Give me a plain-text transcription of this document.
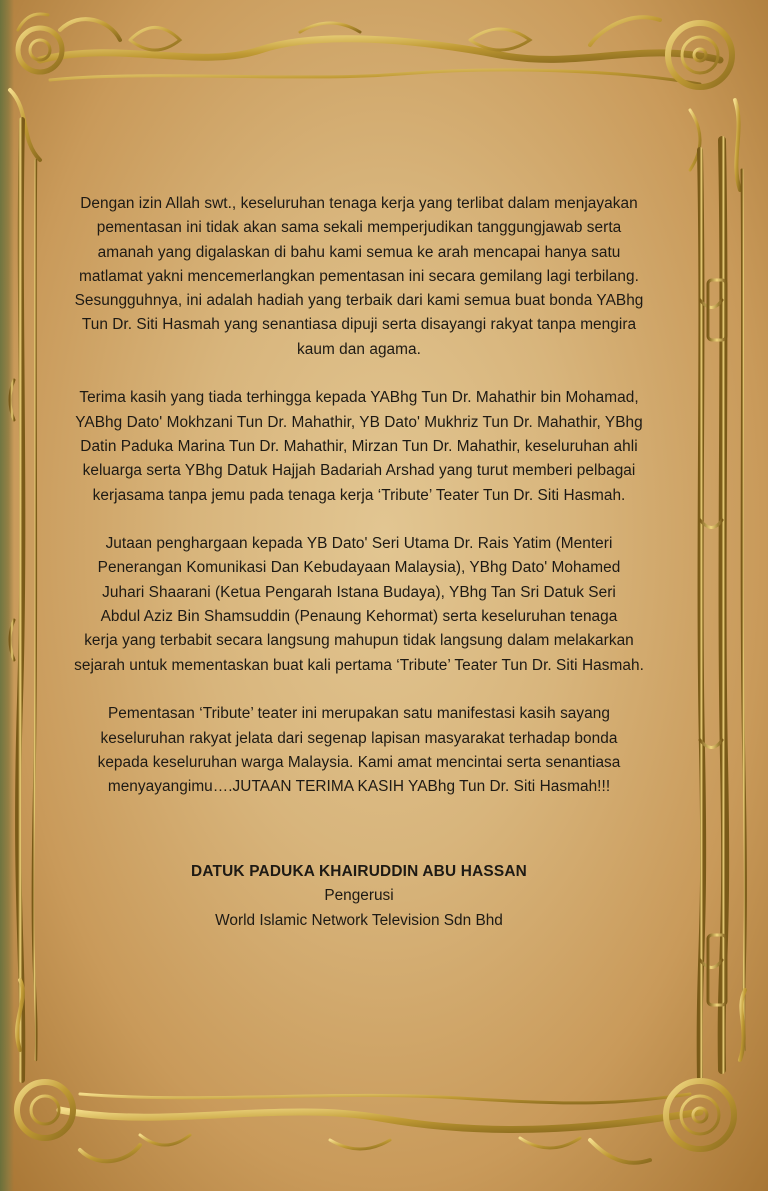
Dengan izin Allah swt., keseluruhan tenaga kerja yang terlibat dalam menjayakan
pementasan ini tidak akan sama sekali memperjudikan tanggungjawab serta
amanah yang digalaskan di bahu kami semua ke arah mencapai hanya satu
matlamat yakni mencemerlangkan pementasan ini secara gemilang lagi terbilang.
Sesungguhnya, ini adalah hadiah yang terbaik dari kami semua buat bonda YABhg
Tun Dr. Siti Hasmah yang senantiasa dipuji serta disayangi rakyat tanpa mengira
kaum dan agama.

Terima kasih yang tiada terhingga kepada YABhg Tun Dr. Mahathir bin Mohamad,
YABhg Dato' Mokhzani Tun Dr. Mahathir, YB Dato' Mukhriz Tun Dr. Mahathir, YBhg
Datin Paduka Marina Tun Dr. Mahathir, Mirzan Tun Dr. Mahathir, keseluruhan ahli
keluarga serta YBhg Datuk Hajjah Badariah Arshad yang turut memberi pelbagai
kerjasama tanpa jemu pada tenaga kerja ‘Tribute’ Teater Tun Dr. Siti Hasmah.

Jutaan penghargaan kepada YB Dato' Seri Utama Dr. Rais Yatim (Menteri
Penerangan Komunikasi Dan Kebudayaan Malaysia), YBhg Dato' Mohamed
Juhari Shaarani (Ketua Pengarah Istana Budaya), YBhg Tan Sri Datuk Seri
Abdul Aziz Bin Shamsuddin (Penaung Kehormat) serta keseluruhan tenaga
kerja yang terbabit secara langsung mahupun tidak langsung dalam melakarkan
sejarah untuk mementaskan buat kali pertama ‘Tribute’ Teater Tun Dr. Siti Hasmah.

Pementasan ‘Tribute’ teater ini merupakan satu manifestasi kasih sayang
keseluruhan rakyat jelata dari segenap lapisan masyarakat terhadap bonda
kepada keseluruhan warga Malaysia. Kami amat mencintai serta senantiasa
menyayangimu….JUTAAN TERIMA KASIH YABhg Tun Dr. Siti Hasmah!!!

DATUK PADUKA KHAIRUDDIN ABU HASSAN
Pengerusi
World Islamic Network Television Sdn Bhd
